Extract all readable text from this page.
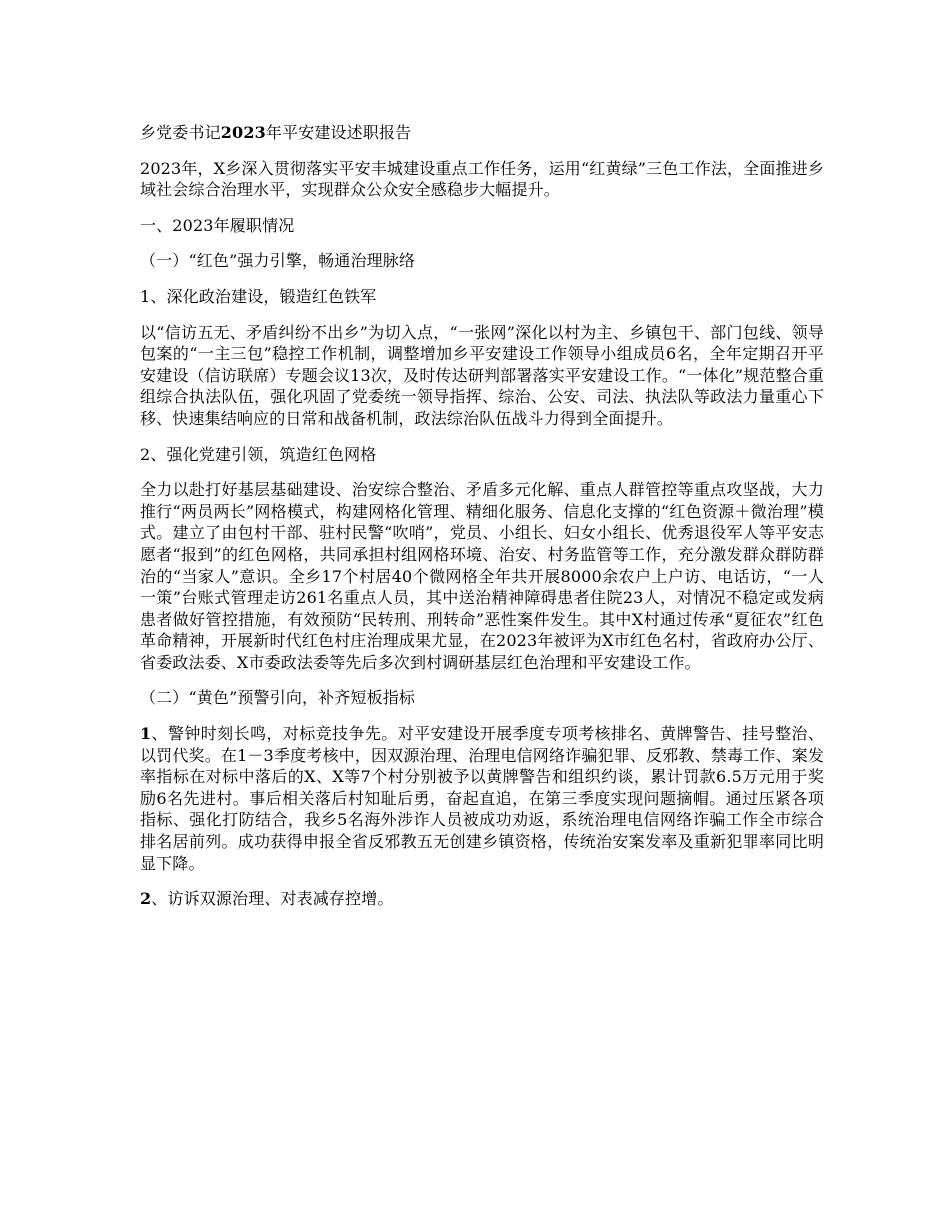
乡党委书记2023年平安建设述职报告

2023年，X乡深入贯彻落实平安丰城建设重点工作任务，运用“红黄绿”三色工作法，全面推进乡域社会综合治理水平，实现群众公众安全感稳步大幅提升。

一、2023年履职情况

（一）“红色”强力引擎，畅通治理脉络

1、深化政治建设，锻造红色铁军

以“信访五无、矛盾纠纷不出乡”为切入点，“一张网”深化以村为主、乡镇包干、部门包线、领导包案的“一主三包”稳控工作机制，调整增加乡平安建设工作领导小组成员6名，全年定期召开平安建设（信访联席）专题会议13次，及时传达研判部署落实平安建设工作。“一体化”规范整合重组综合执法队伍，强化巩固了党委统一领导指挥、综治、公安、司法、执法队等政法力量重心下移、快速集结响应的日常和战备机制，政法综治队伍战斗力得到全面提升。

2、强化党建引领，筑造红色网格

全力以赴打好基层基础建设、治安综合整治、矛盾多元化解、重点人群管控等重点攻坚战，大力推行“两员两长”网格模式，构建网格化管理、精细化服务、信息化支撑的“红色资源＋微治理”模式。建立了由包村干部、驻村民警“吹哨”，党员、小组长、妇女小组长、优秀退役军人等平安志愿者“报到”的红色网格，共同承担村组网格环境、治安、村务监管等工作，充分激发群众群防群治的“当家人”意识。全乡17个村居40个微网格全年共开展8000余农户上户访、电话访，“一人一策”台账式管理走访261名重点人员，其中送治精神障碍患者住院23人，对情况不稳定或发病患者做好管控措施，有效预防“民转刑、刑转命”恶性案件发生。其中X村通过传承“夏征农”红色革命精神，开展新时代红色村庄治理成果尤显，在2023年被评为X市红色名村，省政府办公厅、省委政法委、X市委政法委等先后多次到村调研基层红色治理和平安建设工作。

（二）“黄色”预警引向，补齐短板指标

1、警钟时刻长鸣，对标竞技争先。对平安建设开展季度专项考核排名、黄牌警告、挂号整治、以罚代奖。在1－3季度考核中，因双源治理、治理电信网络诈骗犯罪、反邪教、禁毒工作、案发率指标在对标中落后的X、X等7个村分别被予以黄牌警告和组织约谈，累计罚款6.5万元用于奖励6名先进村。事后相关落后村知耻后勇，奋起直追，在第三季度实现问题摘帽。通过压紧各项指标、强化打防结合，我乡5名海外涉诈人员被成功劝返，系统治理电信网络诈骗工作全市综合排名居前列。成功获得申报全省反邪教五无创建乡镇资格，传统治安案发率及重新犯罪率同比明显下降。

2、访诉双源治理、对表减存控增。
